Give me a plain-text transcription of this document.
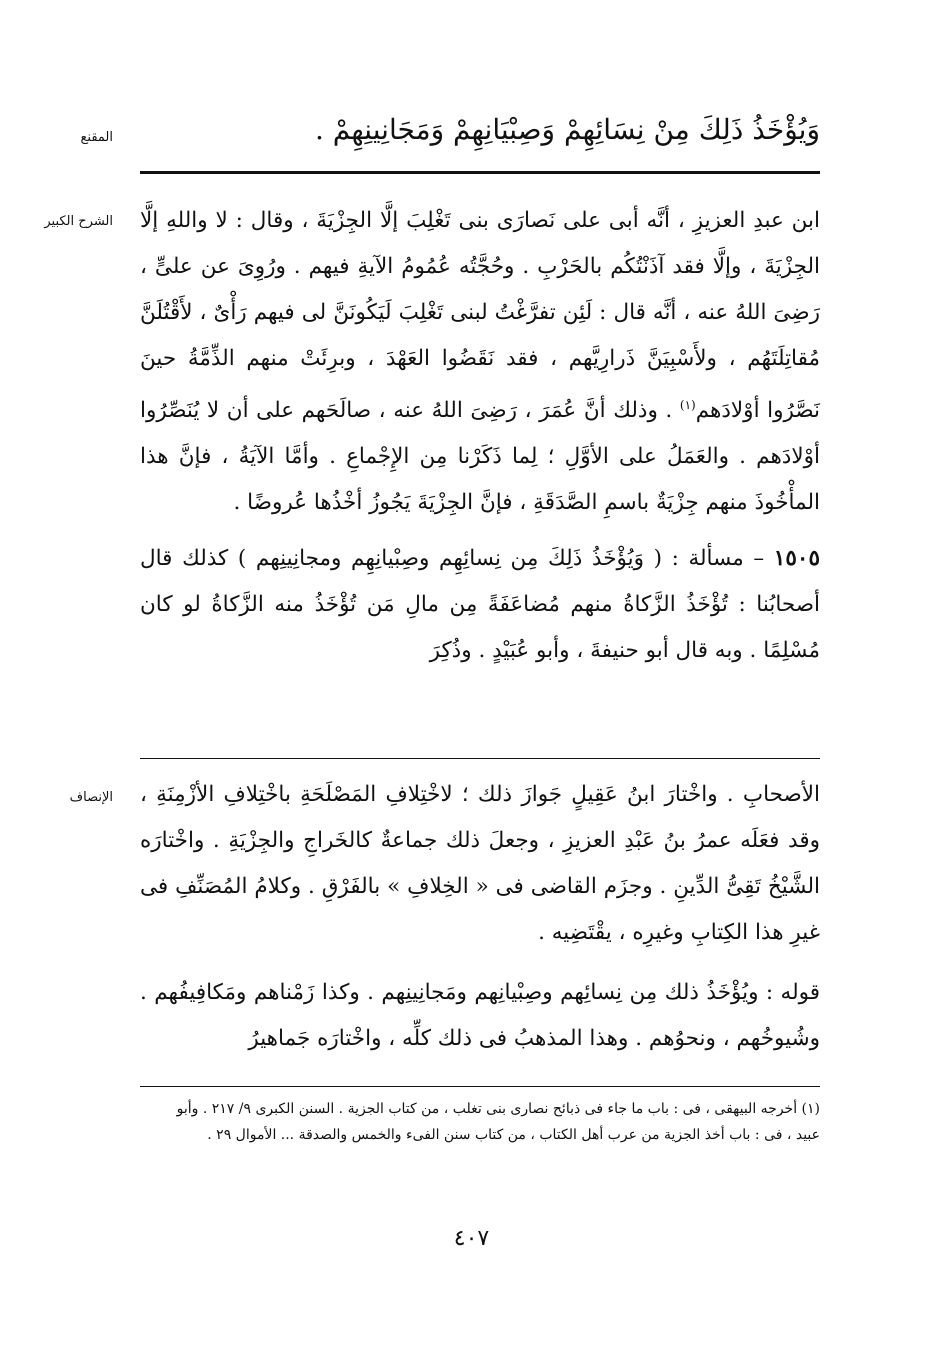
المقنع	وَيُؤْخَذُ ذَلِكَ مِنْ نِسَائِهِمْ وَصِبْيَانِهِمْ وَمَجَانِينِهِمْ .

الشرح الكبير ابن عبدِ العزيزِ ، أنَّه أبى على نَصارَى بنى تَغْلِبَ إلَّا الجِزْيَةَ ، وقال : لا واللهِ إلَّا الجِزْيَةَ ، وإلَّا فقد آذَنْتُكُم بالحَرْبِ . وحُجَّتُه عُمُومُ الآيةِ فيهم . ورُوِىَ عن علىٍّ ، رَضِىَ اللهُ عنه ، أنَّه قال : لَئِن تفرَّغْتُ لبنى تَغْلِبَ لَيَكُونَنَّ لى فيهم رَأْىٌ ، لأَقْتُلَنَّ مُقاتِلَتَهُم ، ولأَسْبِيَنَّ ذَرارِيَّهم ، فقد نَقَضُوا العَهْدَ ، وبرِئَتْ منهم الذِّمَّةُ حينَ نَصَّرُوا أوْلادَهم$^{(١)}$ . وذلك أنَّ عُمَرَ ، رَضِىَ اللهُ عنه ، صالَحَهم على أن لا يُنَصِّرُوا أوْلادَهم . والعَمَلُ على الأوَّلِ ؛ لِما ذَكَرْنا مِن الإِجْماعِ . وأمَّا الآيَةُ ، فإنَّ هذا المأْخُوذَ منهم جِزْيَةٌ باسمِ الصَّدَقَةِ ، فإنَّ الجِزْيَةَ يَجُوزُ أخْذُها عُروضًا .

١٥٠٥ – مسألة : ( وَيُؤْخَذُ ذَلِكَ مِن نِسائِهِم وصِبْيانِهِم ومجانِينِهم ) كذلك قال أصحابُنا : تُؤْخَذُ الزَّكاةُ منهم مُضاعَفَةً مِن مالِ مَن تُؤْخَذُ منه الزَّكاةُ لو كان مُسْلِمًا . وبه قال أبو حنيفةَ ، وأبو عُبَيْدٍ . وذُكِرَ

الإنصاف الأصحابِ . واخْتارَ ابنُ عَقِيلٍ جَوازَ ذلك ؛ لاخْتِلافِ المَصْلَحَةِ باخْتِلافِ الأزْمِنَةِ ، وقد فعَلَه عمرُ بنُ عَبْدِ العزيزِ ، وجعلَ ذلك جماعةٌ كالخَراجِ والجِزْيَةِ . واخْتارَه الشَّيْخُ تَقِىُّ الدِّينِ . وجزَم القاضى فى « الخِلافِ » بالفَرْقِ . وكلامُ المُصَنِّفِ فى غيرِ هذا الكِتابِ وغيرِه ، يقْتَضِيه .

قوله : ويُؤْخَذُ ذلك مِن نِسائِهم وصِبْيانِهم ومَجانِينِهم . وكذا زَمْناهم ومَكافِيفُهم . وشُيوخُهم ، ونحوُهم . وهذا المذهبُ فى ذلك كلِّه ، واخْتارَه جَماهيرُ

(١) أخرجه البيهقى ، فى : باب ما جاء فى ذبائح نصارى بنى تغلب ، من كتاب الجزية . السنن الكبرى ٩/ ٢١٧ . وأبو

عبيد ، فى : باب أخذ الجزية من عرب أهل الكتاب ، من كتاب سنن الفىء والخمس والصدقة ... الأموال ٢٩ .

٤٠٧
